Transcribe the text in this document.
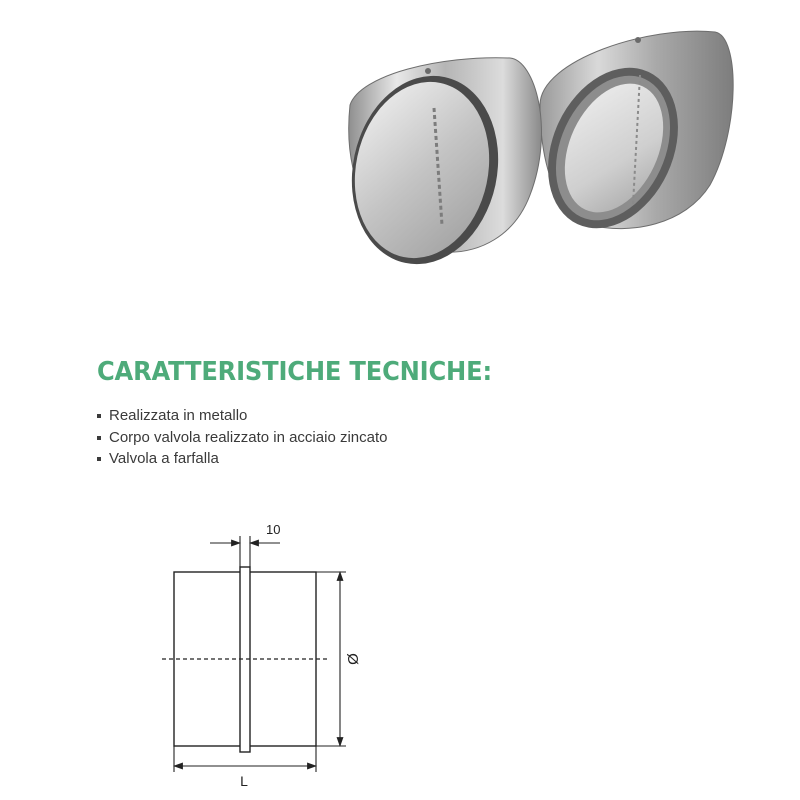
CARATTERISTICHE TECNICHE:
Realizzata in metallo
Corpo valvola realizzato in acciaio zincato
Valvola a farfalla
10
Ø
L
